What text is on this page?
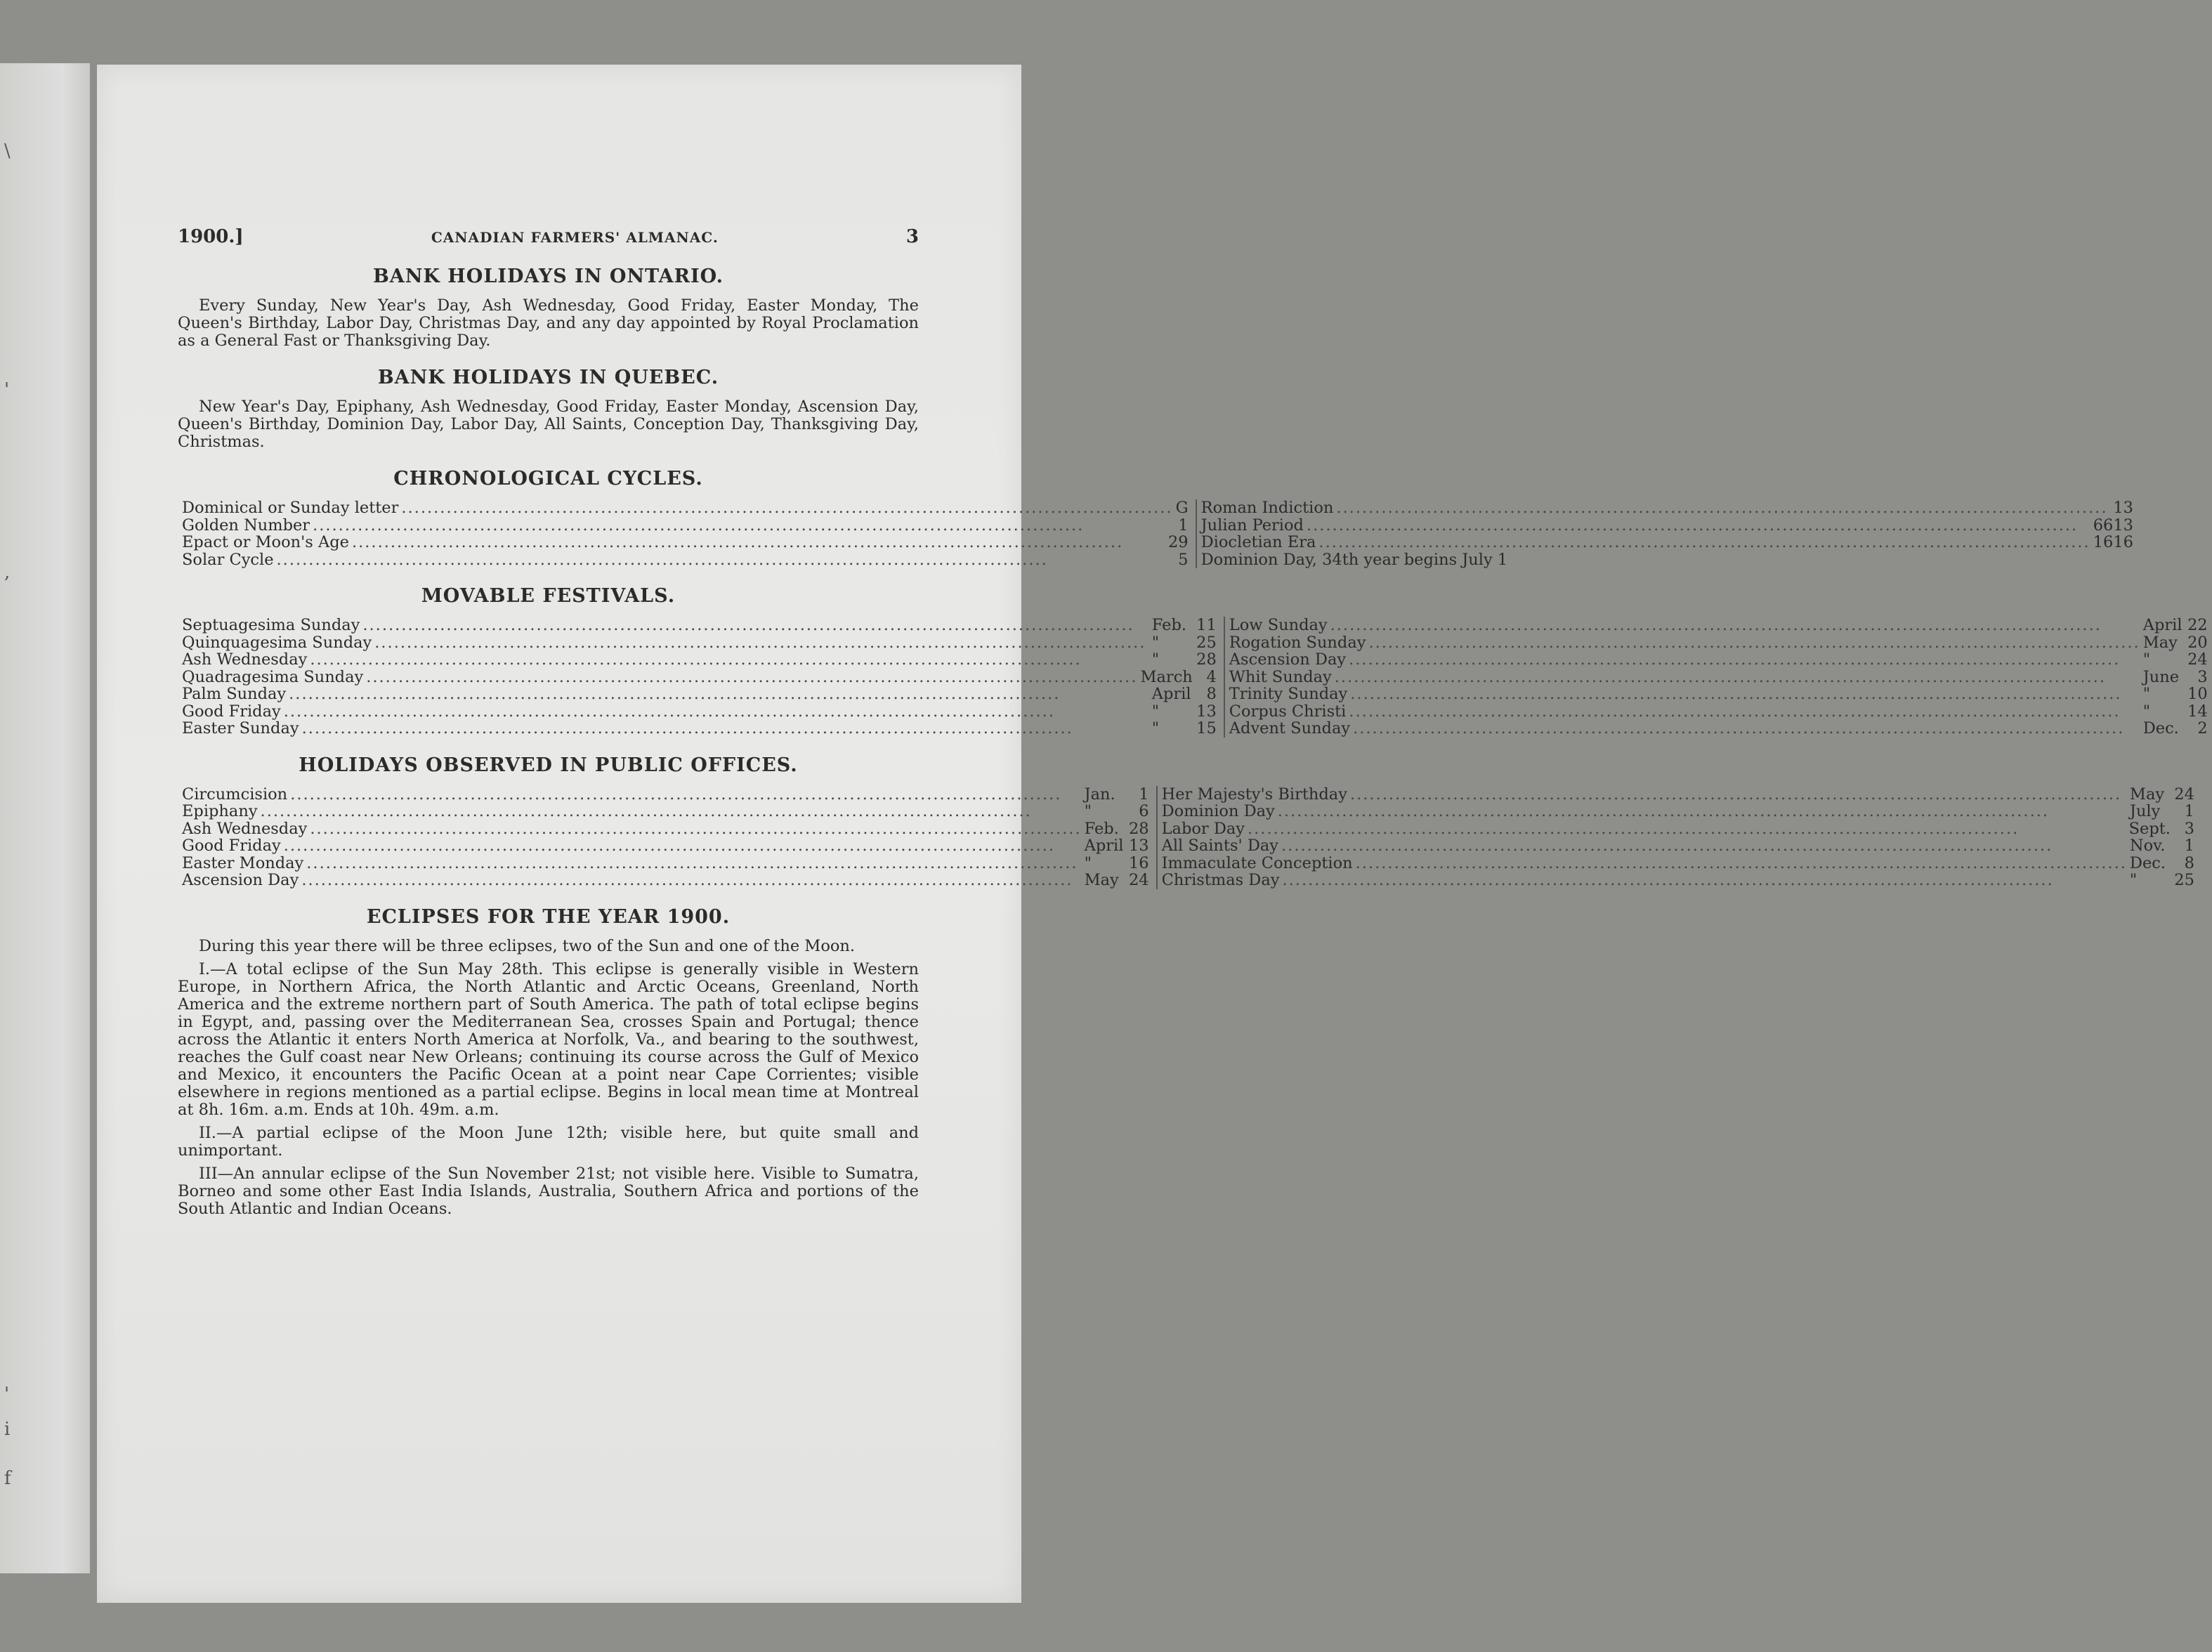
\
'
,
'
i
f
1900.]	CANADIAN FARMERS' ALMANAC.	3
BANK HOLIDAYS IN ONTARIO.

Every Sunday, New Year's Day, Ash Wednesday, Good Friday, Easter Monday, The Queen's Birthday, Labor Day, Christmas Day, and any day appointed by Royal Proclamation as a General Fast or Thanksgiving Day.

BANK HOLIDAYS IN QUEBEC.

New Year's Day, Epiphany, Ash Wednesday, Good Friday, Easter Monday, Ascension Day, Queen's Birthday, Dominion Day, Labor Day, All Saints, Conception Day, Thanksgiving Day, Christmas.

CHRONOLOGICAL CYCLES.
Dominical or Sunday letter .....	G
Golden Number .....	1
Epact or Moon's Age .....	29
Solar Cycle .....	5
Roman Indiction .....	13
Julian Period .....	6613
Diocletian Era .....	1616
Dominion Day, 34th year begins July 1
MOVABLE FESTIVALS.
Septuagesima Sunday .....	Feb. 11
Quinquagesima Sunday .....	"	25
Ash Wednesday .....	"	28
Quadragesima Sunday .....	March 4
Palm Sunday .....	April 8
Good Friday .....	"	13
Easter Sunday .....	"	15
Low Sunday .....	April 22
Rogation Sunday .....	May 20
Ascension Day .....	"	24
Whit Sunday .....	June	3
Trinity Sunday .....	"	10
Corpus Christi .....	"	14
Advent Sunday .....	Dec.	2
HOLIDAYS OBSERVED IN PUBLIC OFFICES.
Circumcision .....	Jan.	1
Epiphany .....	"	6
Ash Wednesday .....	Feb. 28
Good Friday .....	April 13
Easter Monday .....	"	16
Ascension Day .....	May 24
Her Majesty's Birthday .....	May 24
Dominion Day .....	July	1
Labor Day .....	Sept. 3
All Saints' Day .....	Nov.	1
Immaculate Conception .....	Dec.	8
Christmas Day .....	"	25
ECLIPSES FOR THE YEAR 1900.

During this year there will be three eclipses, two of the Sun and one of the Moon.

I.—A total eclipse of the Sun May 28th. This eclipse is generally visible in Western Europe, in Northern Africa, the North Atlantic and Arctic Oceans, Greenland, North America and the extreme northern part of South America. The path of total eclipse begins in Egypt, and, passing over the Mediterranean Sea, crosses Spain and Portugal; thence across the Atlantic it enters North America at Norfolk, Va., and bearing to the southwest, reaches the Gulf coast near New Orleans; continuing its course across the Gulf of Mexico and Mexico, it encounters the Pacific Ocean at a point near Cape Corrientes; visible elsewhere in regions mentioned as a partial eclipse. Begins in local mean time at Montreal at 8h. 16m. a.m. Ends at 10h. 49m. a.m.

II.—A partial eclipse of the Moon June 12th; visible here, but quite small and unimportant.

III—An annular eclipse of the Sun November 21st; not visible here. Visible to Sumatra, Borneo and some other East India Islands, Australia, Southern Africa and portions of the South Atlantic and Indian Oceans.
